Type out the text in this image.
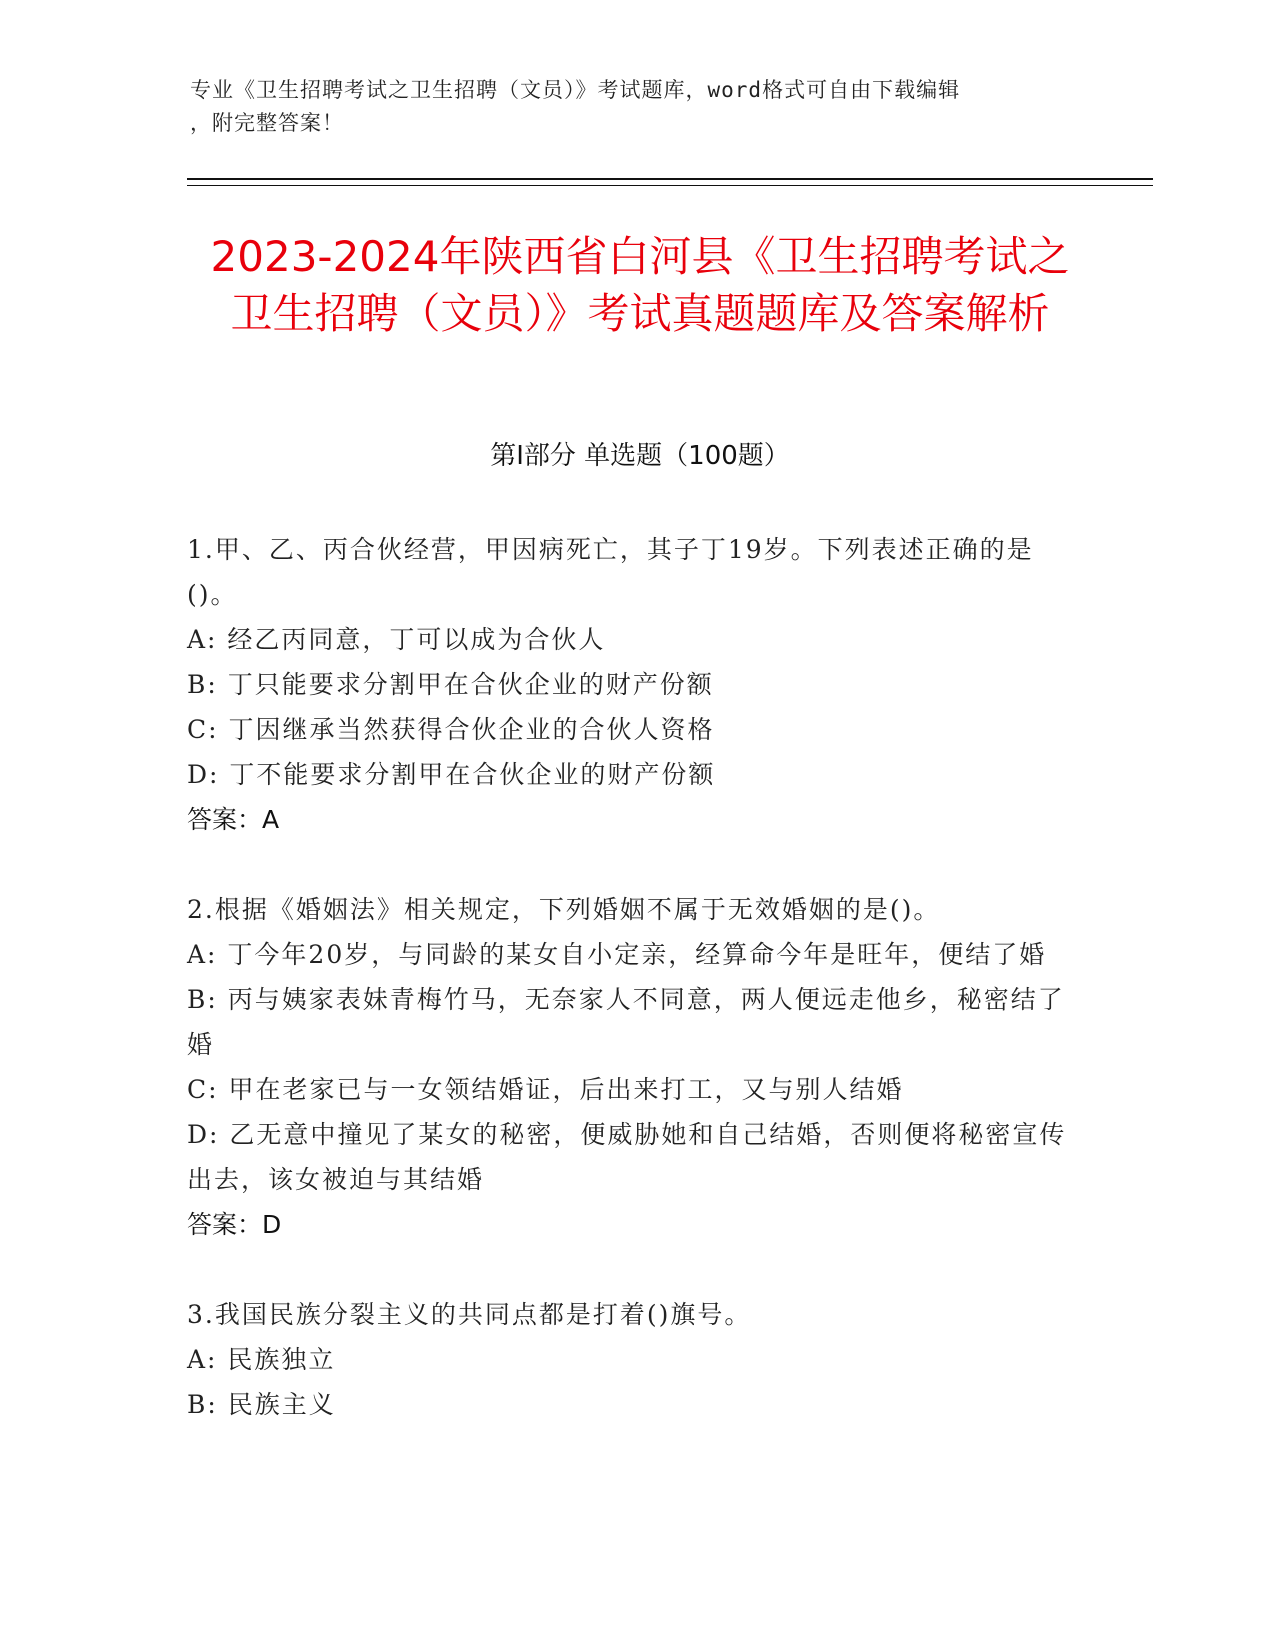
专业《卫生招聘考试之卫生招聘（文员）》考试题库，word格式可自由下载编辑
，附完整答案！
2023-2024年陕西省白河县《卫生招聘考试之卫生招聘（文员）》考试真题题库及答案解析
第Ⅰ部分 单选题（100题）

1.甲、乙、丙合伙经营，甲因病死亡，其子丁19岁。下列表述正确的是()。

A: 经乙丙同意，丁可以成为合伙人

B: 丁只能要求分割甲在合伙企业的财产份额

C: 丁因继承当然获得合伙企业的合伙人资格

D: 丁不能要求分割甲在合伙企业的财产份额

答案：A

2.根据《婚姻法》相关规定，下列婚姻不属于无效婚姻的是()。

A: 丁今年20岁，与同龄的某女自小定亲，经算命今年是旺年，便结了婚

B: 丙与姨家表妹青梅竹马，无奈家人不同意，两人便远走他乡，秘密结了婚

C: 甲在老家已与一女领结婚证，后出来打工，又与别人结婚

D: 乙无意中撞见了某女的秘密，便威胁她和自己结婚，否则便将秘密宣传出去，该女被迫与其结婚

答案：D

3.我国民族分裂主义的共同点都是打着()旗号。

A: 民族独立

B: 民族主义
